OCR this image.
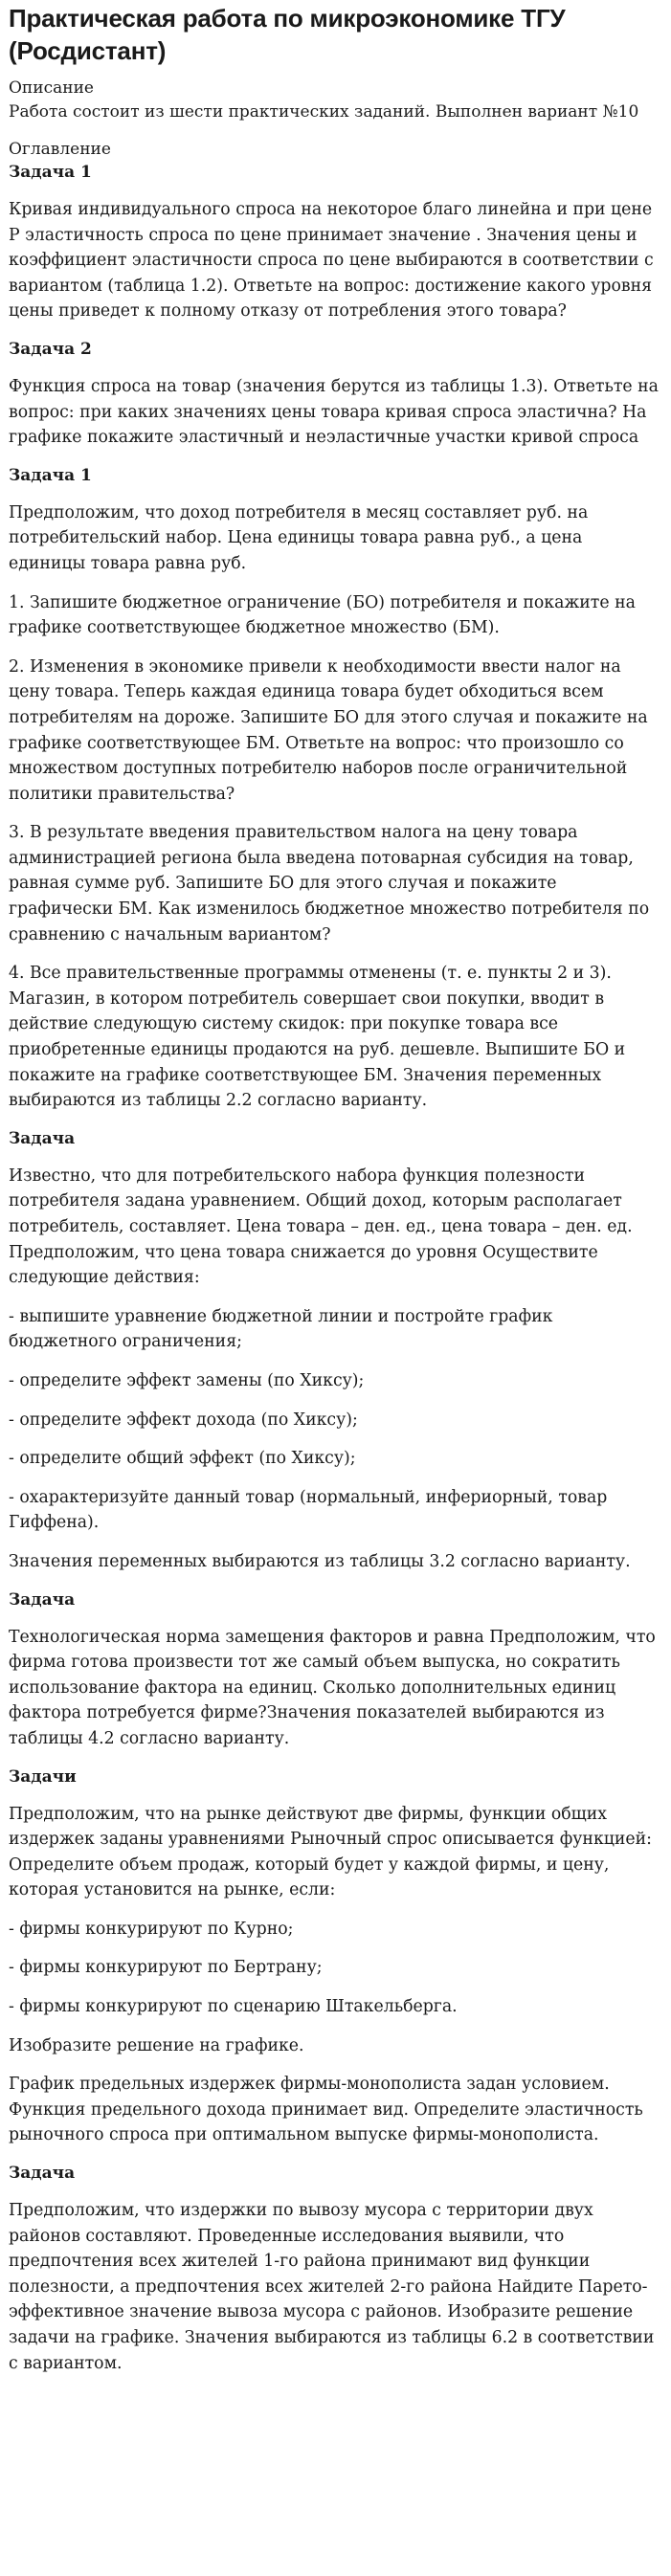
Практическая работа по микроэкономике ТГУ (Росдистант)
Описание
Работа состоит из шести практических заданий. Выполнен вариант №10
Оглавление
Задача 1
Кривая индивидуального спроса на некоторое благо линейна и при цене Р эластичность спроса по цене принимает значение . Значения цены и коэффициент эластичности спроса по цене выбираются в соответствии с вариантом (таблица 1.2). Ответьте на вопрос: достижение какого уровня цены приведет к полному отказу от потребления этого товара?
Задача 2
Функция спроса на товар (значения берутся из таблицы 1.3). Ответьте на вопрос: при каких значениях цены товара кривая спроса эластична? На графике покажите эластичный и неэластичные участки кривой спроса
Задача 1
Предположим, что доход потребителя в месяц составляет руб. на потребительский набор. Цена единицы товара равна руб., а цена единицы товара равна руб.
1. Запишите бюджетное ограничение (БО) потребителя и покажите на графике соответствующее бюджетное множество (БМ).
2. Изменения в экономике привели к необходимости ввести налог на цену товара. Теперь каждая единица товара будет обходиться всем потребителям на дороже. Запишите БО для этого случая и покажите на графике соответствующее БМ. Ответьте на вопрос: что произошло со множеством доступных потребителю наборов после ограничительной политики правительства?
3. В результате введения правительством налога на цену товара администрацией региона была введена потоварная субсидия на товар, равная сумме руб. Запишите БО для этого случая и покажите графически БМ. Как изменилось бюджетное множество потребителя по сравнению с начальным вариантом?
4. Все правительственные программы отменены (т. е. пункты 2 и 3). Магазин, в котором потребитель совершает свои покупки, вводит в действие следующую систему скидок: при покупке товара все приобретенные единицы продаются на руб. дешевле. Выпишите БО и покажите на графике соответствующее БМ. Значения переменных выбираются из таблицы 2.2 согласно варианту.
Задача
Известно, что для потребительского набора функция полезности потребителя задана уравнением. Общий доход, которым располагает потребитель, составляет. Цена товара – ден. ед., цена товара – ден. ед. Предположим, что цена товара снижается до уровня Осуществите следующие действия:
- выпишите уравнение бюджетной линии и постройте график бюджетного ограничения;
- определите эффект замены (по Хиксу);
- определите эффект дохода (по Хиксу);
- определите общий эффект (по Хиксу);
- охарактеризуйте данный товар (нормальный, инфериорный, товар Гиффена).
Значения переменных выбираются из таблицы 3.2 согласно варианту.
Задача
Технологическая норма замещения факторов и равна Предположим, что фирма готова произвести тот же самый объем выпуска, но сократить использование фактора на единиц. Сколько дополнительных единиц фактора потребуется фирме?Значения показателей выбираются из таблицы 4.2 согласно варианту.
Задачи
Предположим, что на рынке действуют две фирмы, функции общих издержек заданы уравнениями Рыночный спрос описывается функцией: Определите объем продаж, который будет у каждой фирмы, и цену, которая установится на рынке, если:
- фирмы конкурируют по Курно;
- фирмы конкурируют по Бертрану;
- фирмы конкурируют по сценарию Штакельберга.
Изобразите решение на графике.
График предельных издержек фирмы-монополиста задан условием. Функция предельного дохода принимает вид. Определите эластичность рыночного спроса при оптимальном выпуске фирмы-монополиста.
Задача
Предположим, что издержки по вывозу мусора с территории двух районов составляют. Проведенные исследования выявили, что предпочтения всех жителей 1-го района принимают вид функции полезности, а предпочтения всех жителей 2-го района Найдите Парето-эффективное значение вывоза мусора с районов. Изобразите решение задачи на графике. Значения выбираются из таблицы 6.2 в соответствии с вариантом.
